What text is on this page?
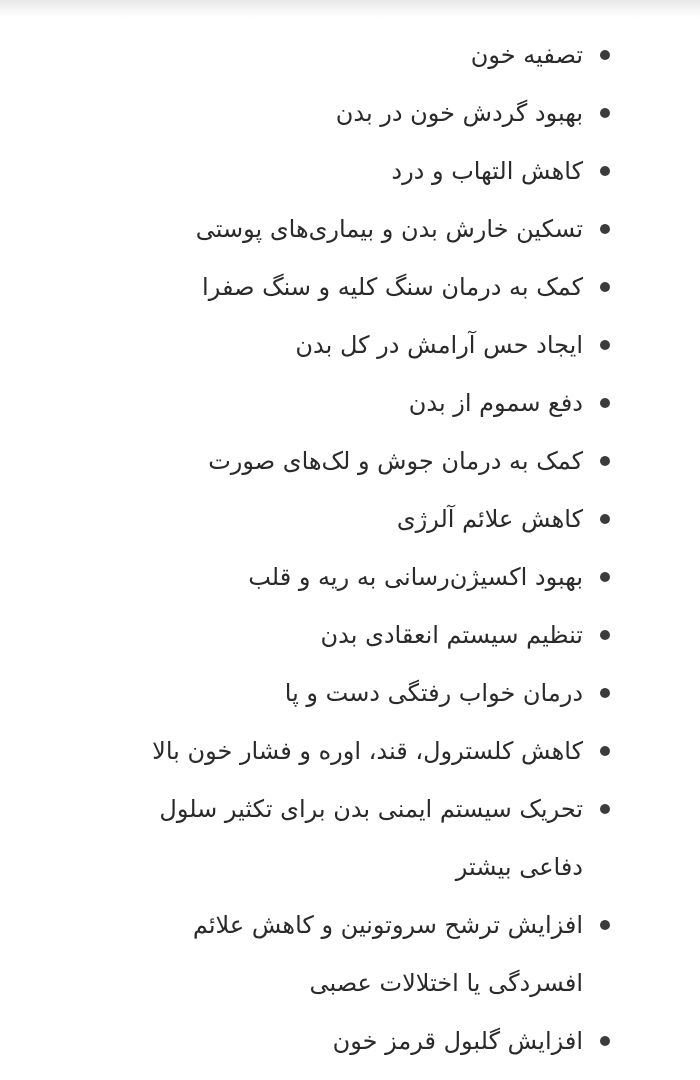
تصفیه خون
بهبود گردش خون در بدن
کاهش التهاب و درد
تسکین خارش بدن و بیماری‌های پوستی
کمک به درمان سنگ کلیه و سنگ صفرا
ایجاد حس آرامش در کل بدن
دفع سموم از بدن
کمک به درمان جوش و لک‌های صورت
کاهش علائم آلرژی
بهبود اکسیژن‌رسانی به ریه و قلب
تنظیم سیستم انعقادی بدن
درمان خواب رفتگی دست و پا
کاهش کلسترول، قند، اوره و فشار خون بالا
تحریک سیستم ایمنی بدن برای تکثیر سلول
دفاعی بیشتر
افزایش ترشح سروتونین و کاهش علائم
افسردگی یا اختلالات عصبی
افزایش گلبول قرمز خون
